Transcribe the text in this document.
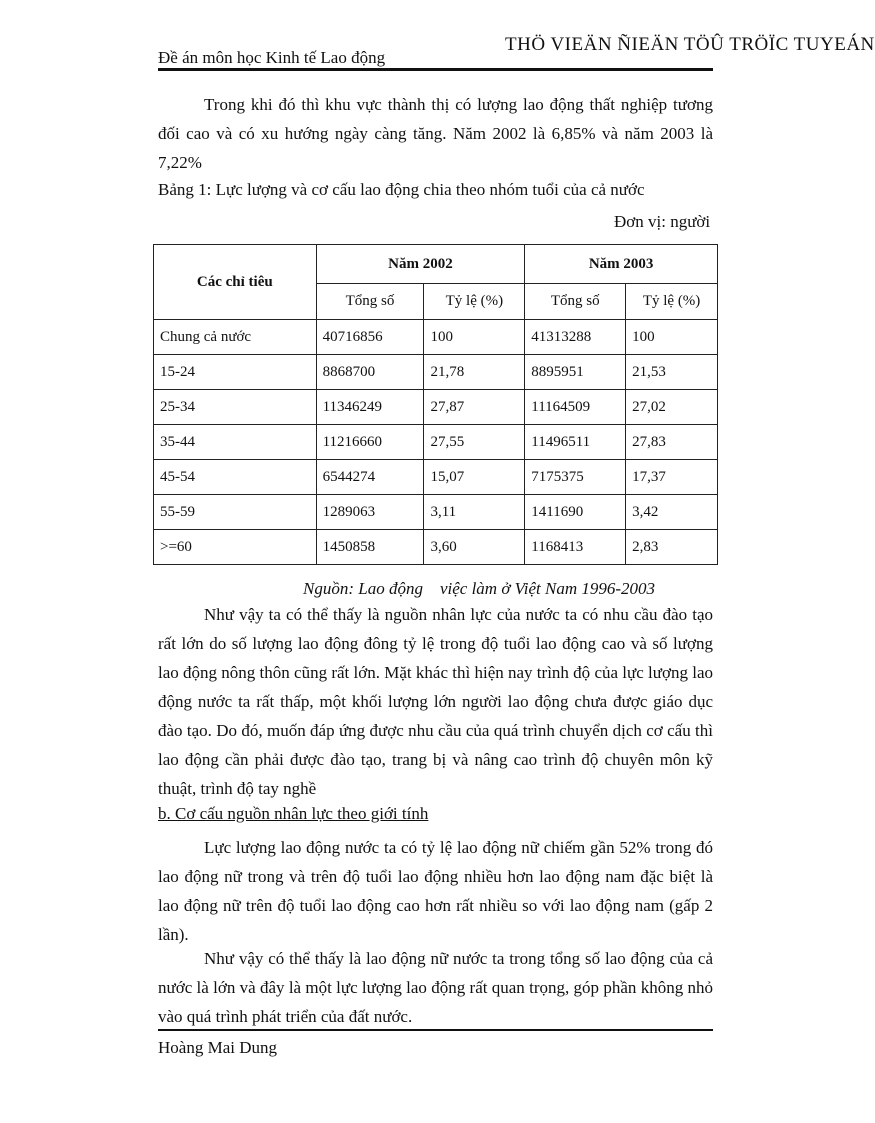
Đề án môn học Kinh tế Lao động
THÖ VIEÄN ÑIEÄN TÖÛ TRÖÏC TUYEÁN
Trong khi đó thì khu vực thành thị có lượng lao động thất nghiệp tương đối cao và có xu hướng ngày càng tăng. Năm 2002 là 6,85% và năm 2003 là 7,22%
Bảng 1: Lực lượng và cơ cấu lao động chia theo nhóm tuổi của cả nước
Đơn vị: người
Các chỉ tiêu	Năm 2002		Năm 2003	
	Tổng số	Tỷ lệ (%)	Tổng số	Tỷ lệ (%)
Chung cả nước	40716856	100	41313288	100
15-24	8868700	21,78	8895951	21,53
25-34	11346249	27,87	11164509	27,02
35-44	11216660	27,55	11496511	27,83
45-54	6544274	15,07	7175375	17,37
55-59	1289063	3,11	1411690	3,42
>=60	1450858	3,60	1168413	2,83
Nguồn: Lao động    việc làm ở Việt Nam 1996-2003
Như vậy ta có thể thấy là nguồn nhân lực của nước ta có nhu cầu đào tạo rất lớn do số lượng lao động đông tỷ lệ trong độ tuổi lao động cao và số lượng lao động nông thôn cũng rất lớn. Mặt khác thì hiện nay trình độ của lực lượng lao động nước ta rất thấp, một khối lượng lớn người lao động chưa được giáo dục đào tạo. Do đó, muốn đáp ứng được nhu cầu của quá trình chuyển dịch cơ cấu thì lao động cần phải được đào tạo, trang bị và nâng cao trình độ chuyên môn kỹ thuật, trình độ tay nghề
b. Cơ cấu nguồn nhân lực theo giới tính
Lực lượng lao động nước ta có tỷ lệ lao động nữ chiếm gần 52% trong đó lao động nữ trong và trên độ tuổi lao động nhiều hơn lao động nam đặc biệt là lao động nữ trên độ tuổi lao động cao hơn rất nhiều so với lao động nam (gấp 2 lần).
Như vậy có thể thấy là lao động nữ nước ta trong tổng số lao động của cả nước là lớn và đây là một lực lượng lao động rất quan trọng, góp phần không nhỏ vào quá trình phát triển của đất nước.
Hoàng Mai Dung
